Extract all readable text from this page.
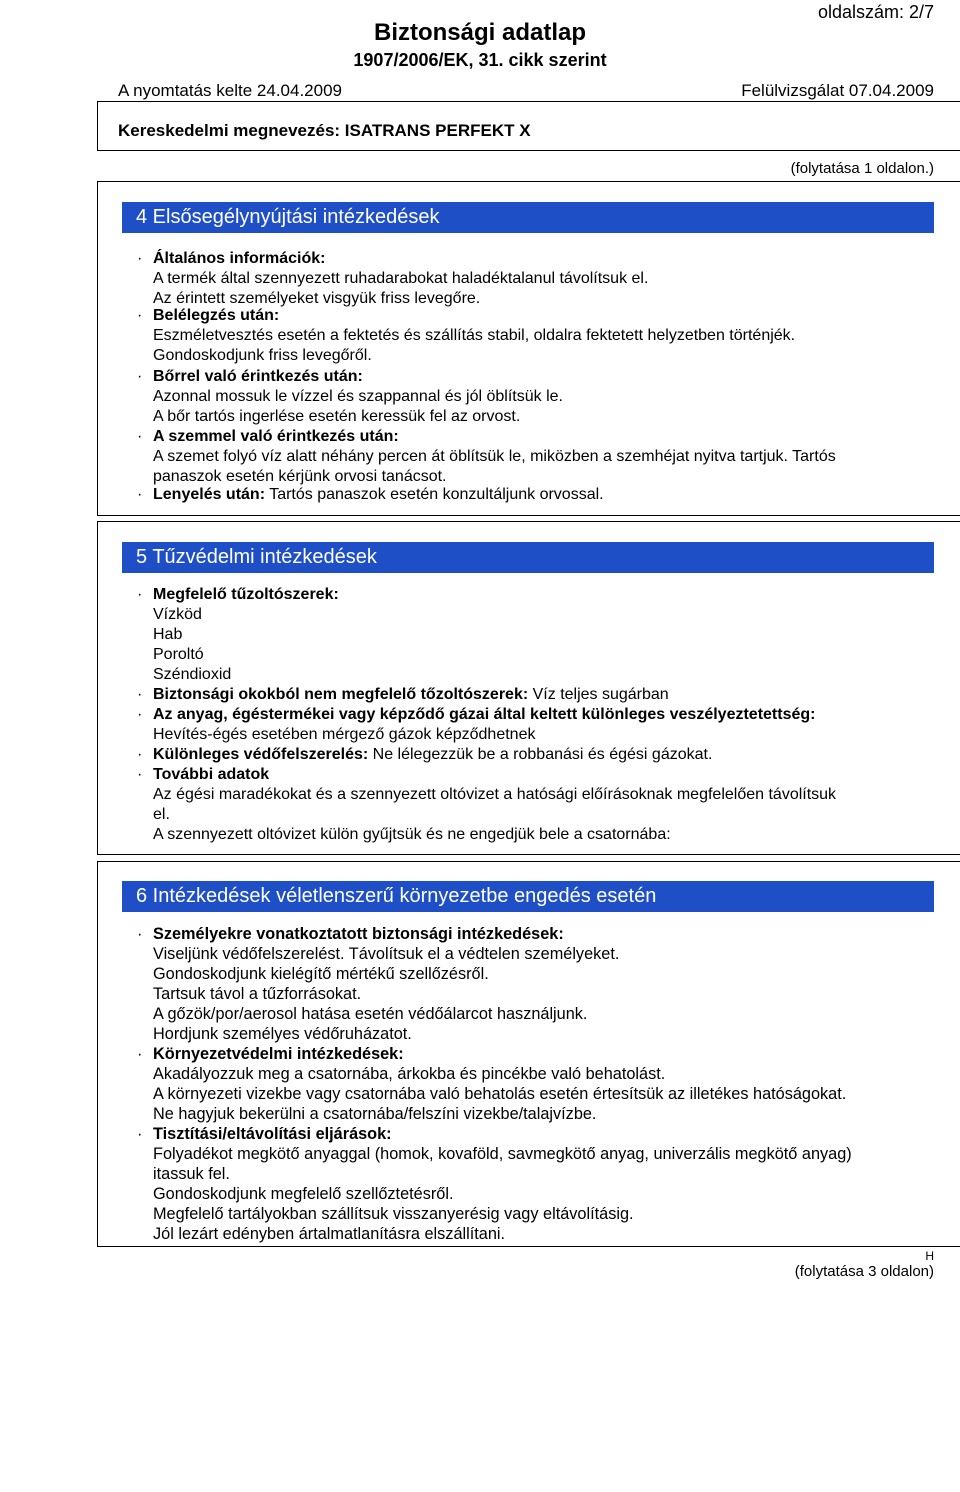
oldalszám: 2/7
Biztonsági adatlap
1907/2006/EK, 31. cikk szerint
A nyomtatás kelte 24.04.2009	Felülvizsgálat 07.04.2009
Kereskedelmi megnevezés: ISATRANS PERFEKT X
(folytatása 1 oldalon.)
4 Elsősegélynyújtási intézkedések
· Általános információk:
A termék által szennyezett ruhadarabokat haladéktalanul távolítsuk el.
Az érintett személyeket visgyük friss levegőre.
· Belélegzés után:
Eszméletvesztés esetén a fektetés és szállítás stabil, oldalra fektetett helyzetben történjék.
Gondoskodjunk friss levegőről.
· Bőrrel való érintkezés után:
Azonnal mossuk le vízzel és szappannal és jól öblítsük le.
A bőr tartós ingerlése esetén keressük fel az orvost.
· A szemmel való érintkezés után:
A szemet folyó víz alatt néhány percen át öblítsük le, miközben a szemhéjat nyitva tartjuk. Tartós
panaszok esetén kérjünk orvosi tanácsot.
· Lenyelés után: Tartós panaszok esetén konzultáljunk orvossal.
5 Tűzvédelmi intézkedések
· Megfelelő tűzoltószerek:
Vízköd
Hab
Poroltó
Széndioxid
· Biztonsági okokból nem megfelelő tőzoltószerek: Víz teljes sugárban
· Az anyag, égéstermékei vagy képződő gázai által keltett különleges veszélyeztetettség:
Hevítés-égés esetében mérgező gázok képződhetnek
· Különleges védőfelszerelés: Ne lélegezzük be a robbanási és égési gázokat.
· További adatok
Az égési maradékokat és a szennyezett oltóvizet a hatósági előírásoknak megfelelően távolítsuk
el.
A szennyezett oltóvizet külön gyűjtsük és ne engedjük bele a csatornába:
6 Intézkedések véletlenszerű környezetbe engedés esetén
· Személyekre vonatkoztatott biztonsági intézkedések:
Viseljünk védőfelszerelést. Távolítsuk el a védtelen személyeket.
Gondoskodjunk kielégítő mértékű szellőzésről.
Tartsuk távol a tűzforrásokat.
A gőzök/por/aerosol hatása esetén védőálarcot használjunk.
Hordjunk személyes védőruházatot.
· Környezetvédelmi intézkedések:
Akadályozzuk meg a csatornába, árkokba és pincékbe való behatolást.
A környezeti vizekbe vagy csatornába való behatolás esetén értesítsük az illetékes hatóságokat.
Ne hagyjuk bekerülni a csatornába/felszíni vizekbe/talajvízbe.
· Tisztítási/eltávolítási eljárások:
Folyadékot megkötő anyaggal (homok, kovaföld, savmegkötő anyag, univerzális megkötő anyag)
itassuk fel.
Gondoskodjunk megfelelő szellőztetésről.
Megfelelő tartályokban szállítsuk visszanyerésig vagy eltávolításig.
Jól lezárt edényben ártalmatlanításra elszállítani.
H
(folytatása 3 oldalon)
